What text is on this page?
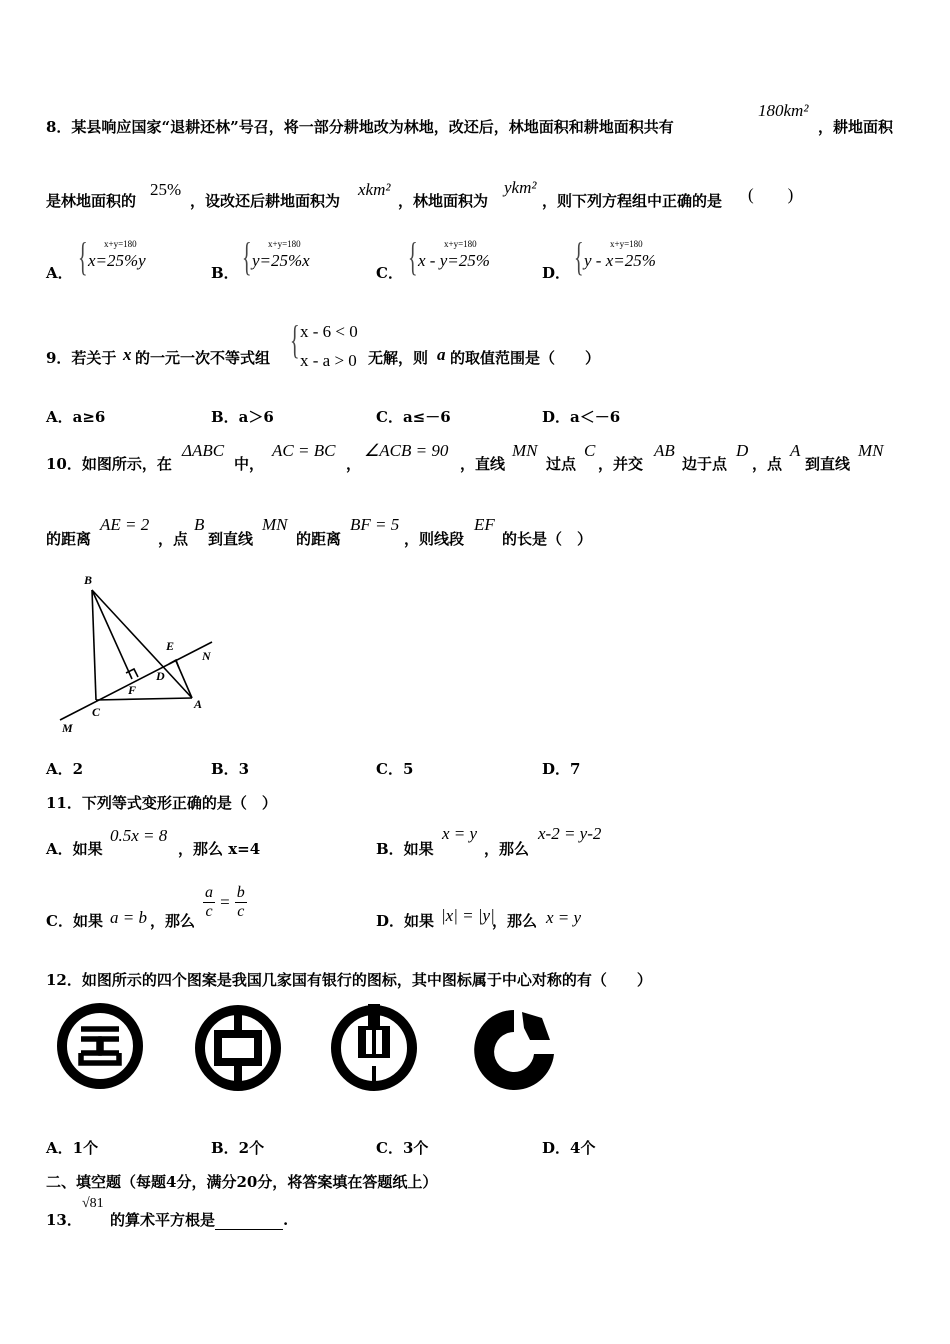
8．某县响应国家“退耕还林”号召，将一部分耕地改为林地，改还后，林地面积和耕地面积共有
180km²
，耕地面积
是林地面积的
25%
，设改还后耕地面积为
xkm²
，林地面积为
ykm²
，则下列方程组中正确的是 (　　)
A． { x+y=180
x=25%y
B． { x+y=180
y=25%x
C． {	x+y=180
x - y=25%
D． {	x+y=180
y - x=25%
9．若关于 x 的一元一次不等式组 { x - 6 < 0
x - a > 0 无解，则 a 的取值范围是（　　）
A．a≥6	B．a＞6	C．a≤－6	D．a＜－6
10．如图所示，在
ΔABC
中，
AC = BC
，
∠ACB = 90
，直线
MN
过点
C
，并交
AB
边于点
D
，点
A
到直线
MN
的距离
AE = 2
，点
B
到直线
MN
的距离
BF = 5
，则线段
EF
的长是（　）
B
E
N
D
F
C
A
M
A．2	B．3	C．5	D．7
11．下列等式变形正确的是（　）
A．如果
0.5x = 8
，那么 x=4	B．如果
x = y
，那么
x-2 = y-2
C．如果 a = b ，那么 $\frac{a}{c} = \frac{b}{c}$	D．如果 |x| = |y|
，那么 x = y
12．如图所示的四个图案是我国几家国有银行的图标，其中图标属于中心对称的有（　　）
A．1个	B．2个	C．3个	D．4个
二、填空题（每题4分，满分20分，将答案填在答题纸上）
13．
√81
的算术平方根是	.
